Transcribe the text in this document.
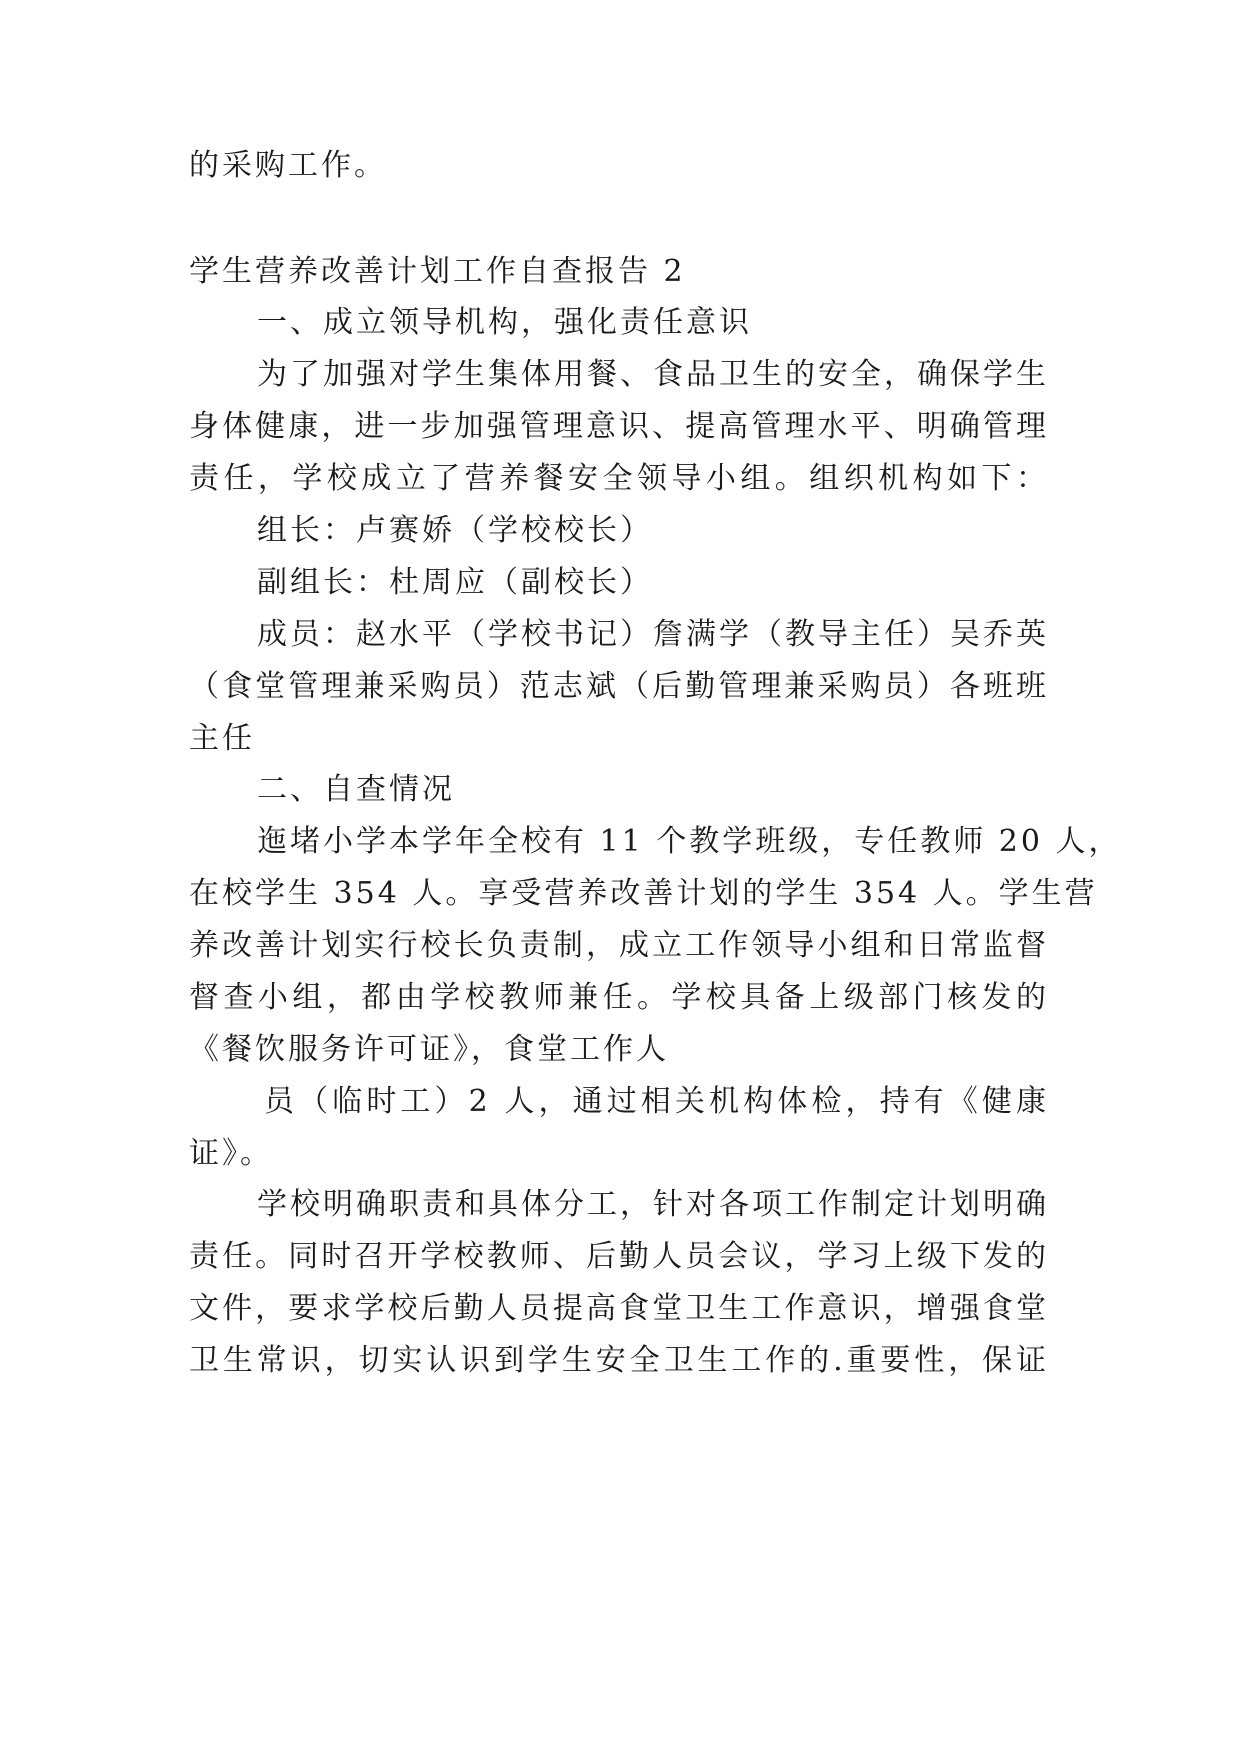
的采购工作。
学生营养改善计划工作自查报告 2
一、成立领导机构，强化责任意识
为了加强对学生集体用餐、食品卫生的安全，确保学生
身体健康，进一步加强管理意识、提高管理水平、明确管理
责任，学校成立了营养餐安全领导小组。组织机构如下：
组长：卢赛娇（学校校长）
副组长：杜周应（副校长）
成员：赵水平（学校书记）詹满学（教导主任）吴乔英
（食堂管理兼采购员）范志斌（后勤管理兼采购员）各班班
主任
二、自查情况
迤堵小学本学年全校有 11 个教学班级，专任教师 20 人，
在校学生 354 人。享受营养改善计划的学生 354 人。学生营
养改善计划实行校长负责制，成立工作领导小组和日常监督
督查小组，都由学校教师兼任。学校具备上级部门核发的
《餐饮服务许可证》，食堂工作人
员（临时工）2 人，通过相关机构体检，持有《健康
证》。
学校明确职责和具体分工，针对各项工作制定计划明确
责任。同时召开学校教师、后勤人员会议，学习上级下发的
文件，要求学校后勤人员提高食堂卫生工作意识，增强食堂
卫生常识，切实认识到学生安全卫生工作的.重要性，保证
